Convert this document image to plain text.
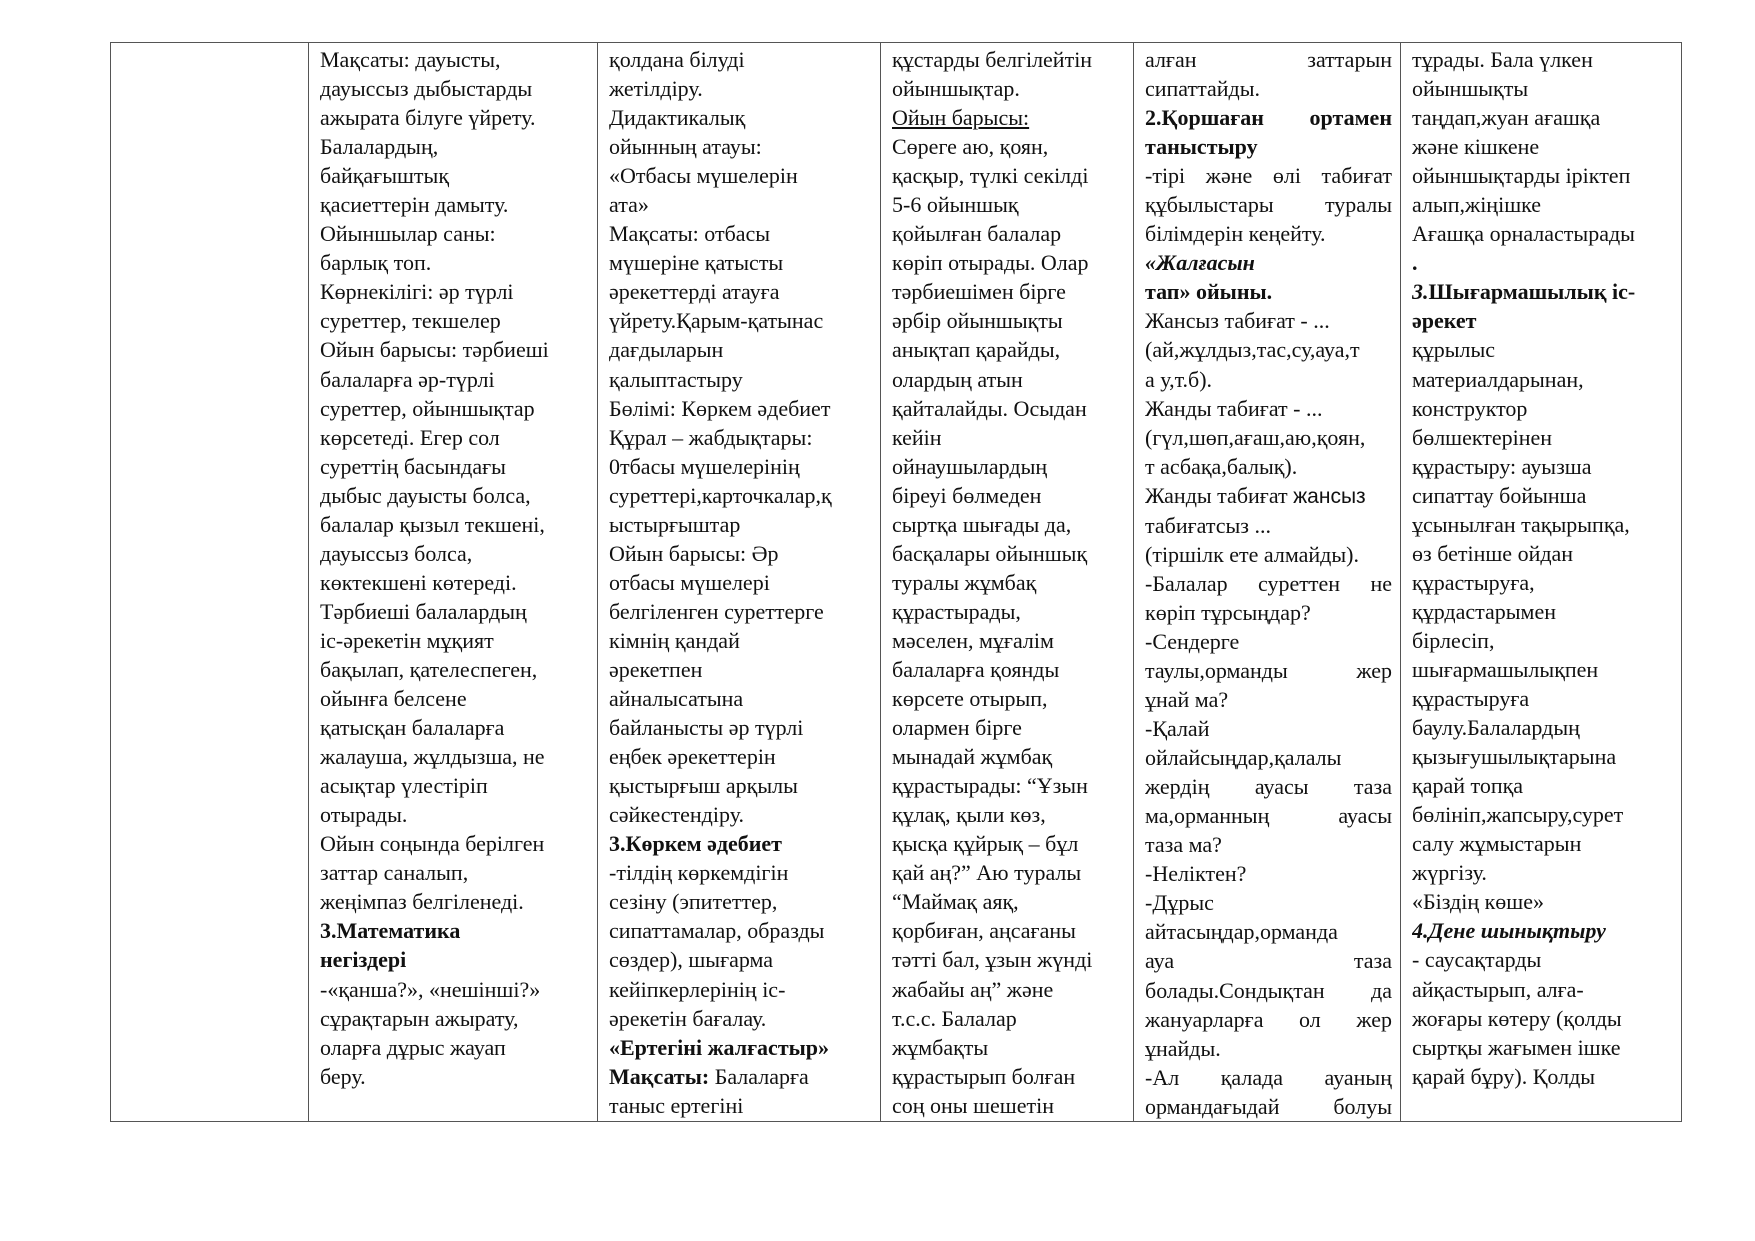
Мақсаты: дауысты,
дауыссыз дыбыстарды
ажырата білуге үйрету.
Балалардың,
байқағыштық
қасиеттерін дамыту.
Ойыншылар саны:
барлық топ.
Көрнекілігі: әр түрлі
суреттер, текшелер
Ойын барысы: тәрбиеші
балаларға әр-түрлі
суреттер, ойыншықтар
көрсетеді. Егер сол
суреттің басындағы
дыбыс дауысты болса,
балалар қызыл текшені,
дауыссыз болса,
көктекшені көтереді.
Тәрбиеші балалардың
іс-әрекетін мұқият
бақылап, қателеспеген,
ойынға белсене
қатысқан балаларға
жалауша, жұлдызша, не
асықтар үлестіріп
отырады.
Ойын соңында берілген
заттар саналып,
жеңімпаз белгіленеді.
3.Математика
негіздері
-«қанша?», «нешінші?»
сұрақтарын ажырату,
оларға дұрыс жауап
беру.

қолдана білуді
жетілдіру.
Дидактикалық
ойынның атауы:
«Отбасы мүшелерін
ата»
Мақсаты: отбасы
мүшеріне қатысты
әрекеттерді атауға
үйрету.Қарым-қатынас
дағдыларын
қалыптастыру
Бөлімі: Көркем әдебиет
Құрал – жабдықтары:
0тбасы мүшелерінің
суреттері,карточкалар,қ
ыстырғыштар
Ойын барысы: Әр
отбасы мүшелері
белгіленген суреттерге
кімнің қандай
әрекетпен
айналысатына
байланысты әр түрлі
еңбек әрекеттерін
қыстырғыш арқылы
сәйкестендіру.
3.Көркем әдебиет
-тілдің көркемдігін
сезіну (эпитеттер,
сипаттамалар, образды
сөздер), шығарма
кейіпкерлерінің іс-
әрекетін бағалау.
«Ертегіні жалғастыр»
Мақсаты: Балаларға
таныс ертегіні

құстарды белгілейтін
ойыншықтар.
Ойын барысы:
Сөреге аю, қоян,
қасқыр, түлкі секілді
5-6 ойыншық
қойылған балалар
көріп отырады. Олар
тәрбиешімен бірге
әрбір ойыншықты
анықтап қарайды,
олардың атын
қайталайды. Осыдан
кейін
ойнаушылардың
біреуі бөлмеден
сыртқа шығады да,
басқалары ойыншық
туралы жұмбақ
құрастырады,
мәселен, мұғалім
балаларға қоянды
көрсете отырып,
олармен бірге
мынадай жұмбақ
құрастырады: “Ұзын
құлақ, қыли көз,
қысқа құйрық – бұл
қай аң?” Аю туралы
“Маймақ аяқ,
қорбиған, аңсағаны
тәтті бал, ұзын жүнді
жабайы аң” және
т.с.с. Балалар
жұмбақты
құрастырып болған
соң оны шешетін

алған заттарын
сипаттайды.
2.Қоршаған ортамен
таныстыру
-тірі және өлі табиғат
құбылыстары туралы
білімдерін кеңейту.
«Жалғасын
тап» ойыны.
Жансыз табиғат - ...
(ай,жұлдыз,тас,су,ауа,т
а у,т.б).
Жанды табиғат - ...
(гүл,шөп,ағаш,аю,қоян,
т асбақа,балық).
Жанды табиғат жансыз
табиғатсыз ...
(тіршілк ете алмайды).
-Балалар суреттен не
көріп тұрсыңдар?
-Сендерге
таулы,орманды жер
ұнай ма?
-Қалай
ойлайсыңдар,қалалы
жердің ауасы таза
ма,орманның ауасы
таза ма?
-Неліктен?
-Дұрыс
айтасыңдар,орманда
ауа таза
болады.Сондықтан да
жануарларға ол жер
ұнайды.
-Ал қалада ауаның
ормандағыдай болуы

тұрады. Бала үлкен
ойыншықты
таңдап,жуан ағашқа
және кішкене
ойыншықтарды іріктеп
алып,жіңішке
Ағашқа орналастырады
.
3.Шығармашылық іс-
әрекет
құрылыс
материалдарынан,
конструктор
бөлшектерінен
құрастыру: ауызша
сипаттау бойынша
ұсынылған тақырыпқа,
өз бетінше ойдан
құрастыруға,
құрдастарымен
бірлесіп,
шығармашылықпен
құрастыруға
баулу.Балалардың
қызығушылықтарына
қарай топқа
бөлініп,жапсыру,сурет
салу жұмыстарын
жүргізу.
«Біздің көше»
4.Дене шынықтыру
- саусақтарды
айқастырып, алға-
жоғары көтеру (қолды
сыртқы жағымен ішке
қарай бұру). Қолды
